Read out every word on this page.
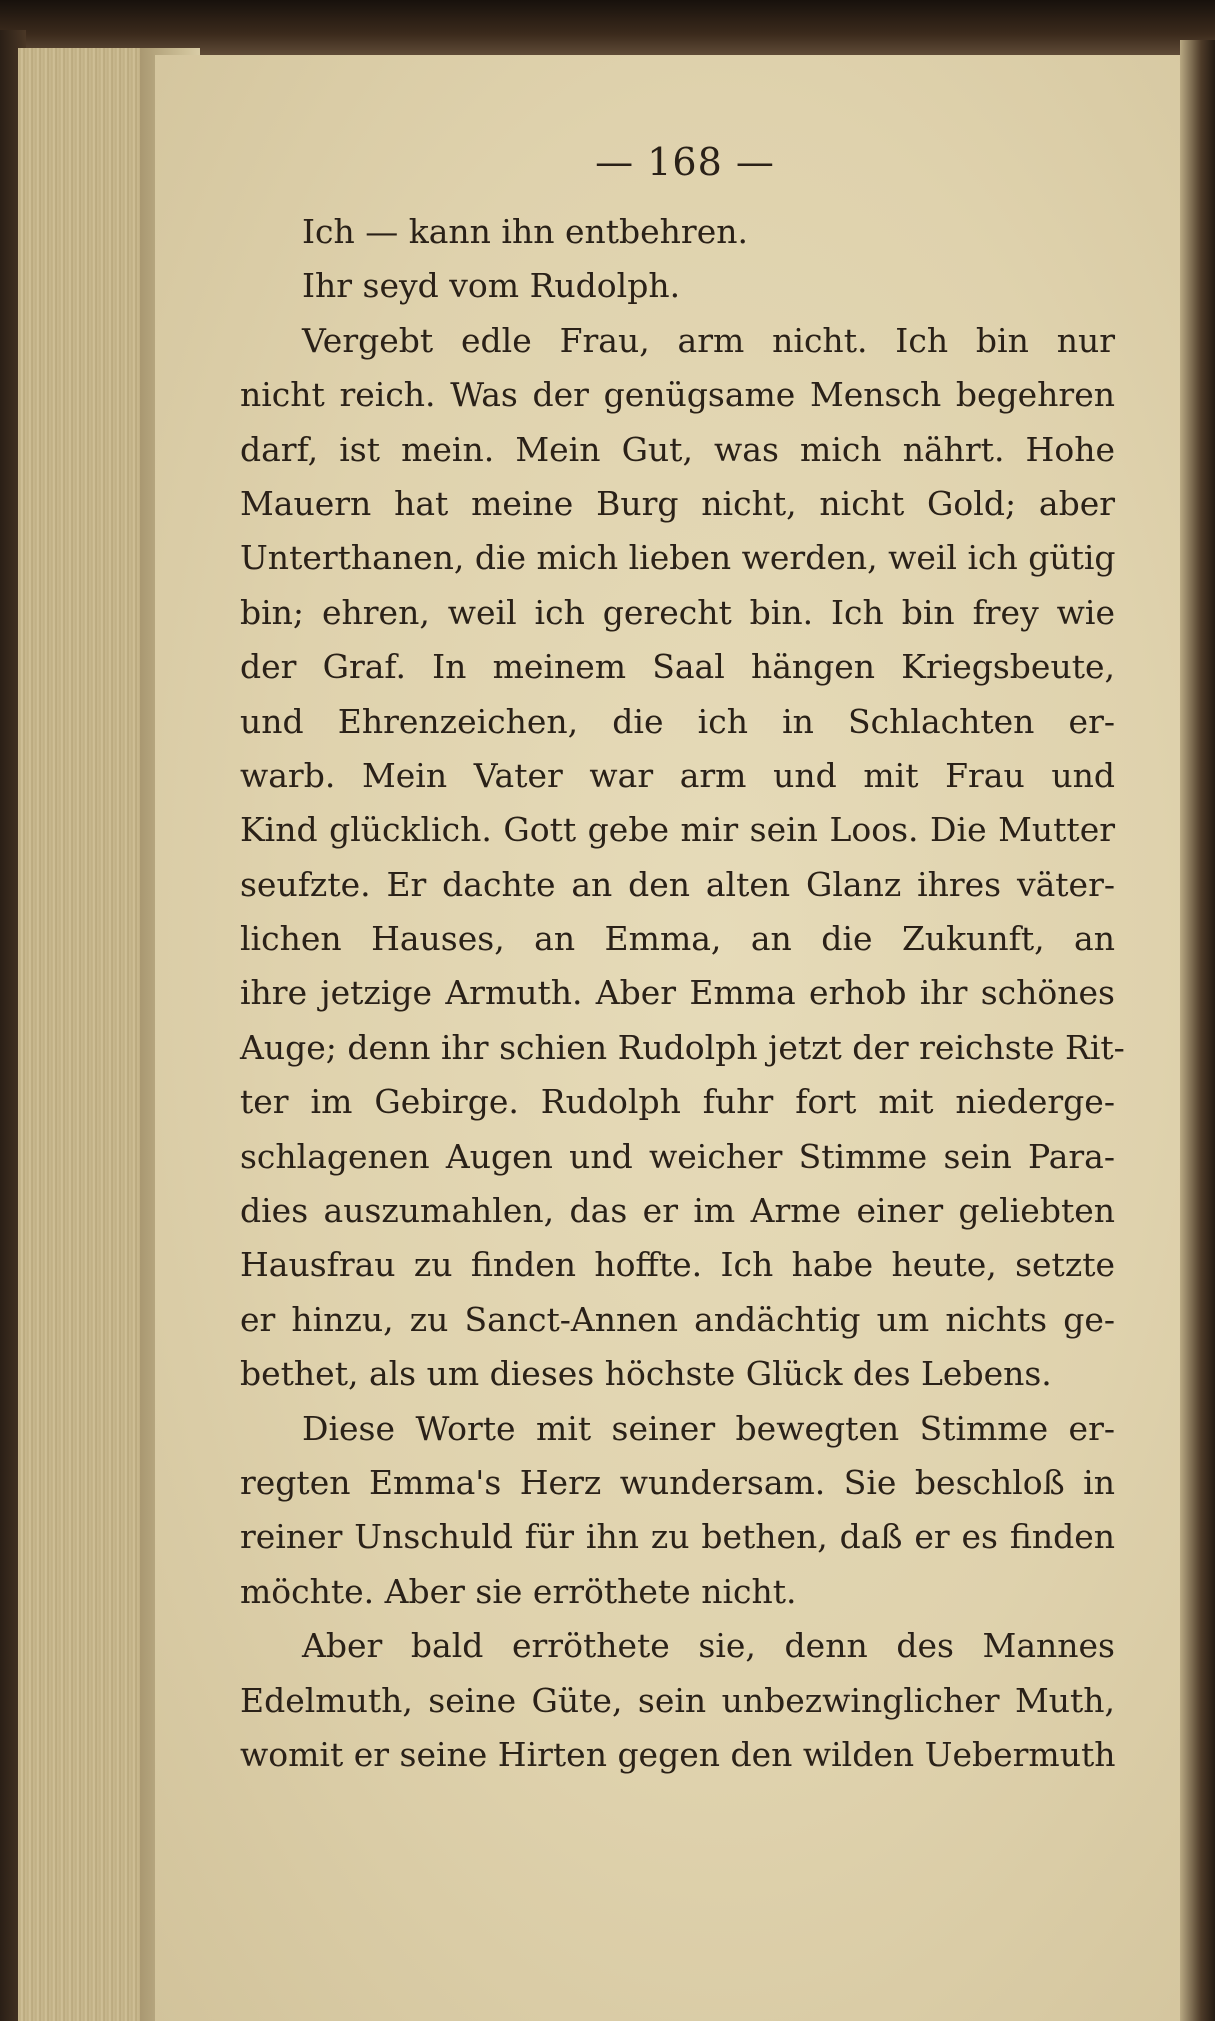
— 168 —
Ich — kann ihn entbehren.
Ihr seyd vom Rudolph.
Vergebt edle Frau, arm nicht. Ich bin nur
nicht reich. Was der genügsame Mensch begehren
darf, ist mein. Mein Gut, was mich nährt. Hohe
Mauern hat meine Burg nicht, nicht Gold; aber
Unterthanen, die mich lieben werden, weil ich gütig
bin; ehren, weil ich gerecht bin. Ich bin frey wie
der Graf. In meinem Saal hängen Kriegsbeute,
und Ehrenzeichen, die ich in Schlachten er-
warb. Mein Vater war arm und mit Frau und
Kind glücklich. Gott gebe mir sein Loos. Die Mutter
seufzte. Er dachte an den alten Glanz ihres väter-
lichen Hauses, an Emma, an die Zukunft, an
ihre jetzige Armuth. Aber Emma erhob ihr schönes
Auge; denn ihr schien Rudolph jetzt der reichste Rit-
ter im Gebirge. Rudolph fuhr fort mit niederge-
schlagenen Augen und weicher Stimme sein Para-
dies auszumahlen, das er im Arme einer geliebten
Hausfrau zu finden hoffte. Ich habe heute, setzte
er hinzu, zu Sanct-Annen andächtig um nichts ge-
bethet, als um dieses höchste Glück des Lebens.
Diese Worte mit seiner bewegten Stimme er-
regten Emma's Herz wundersam. Sie beschloß in
reiner Unschuld für ihn zu bethen, daß er es finden
möchte. Aber sie erröthete nicht.
Aber bald erröthete sie, denn des Mannes
Edelmuth, seine Güte, sein unbezwinglicher Muth,
womit er seine Hirten gegen den wilden Uebermuth
